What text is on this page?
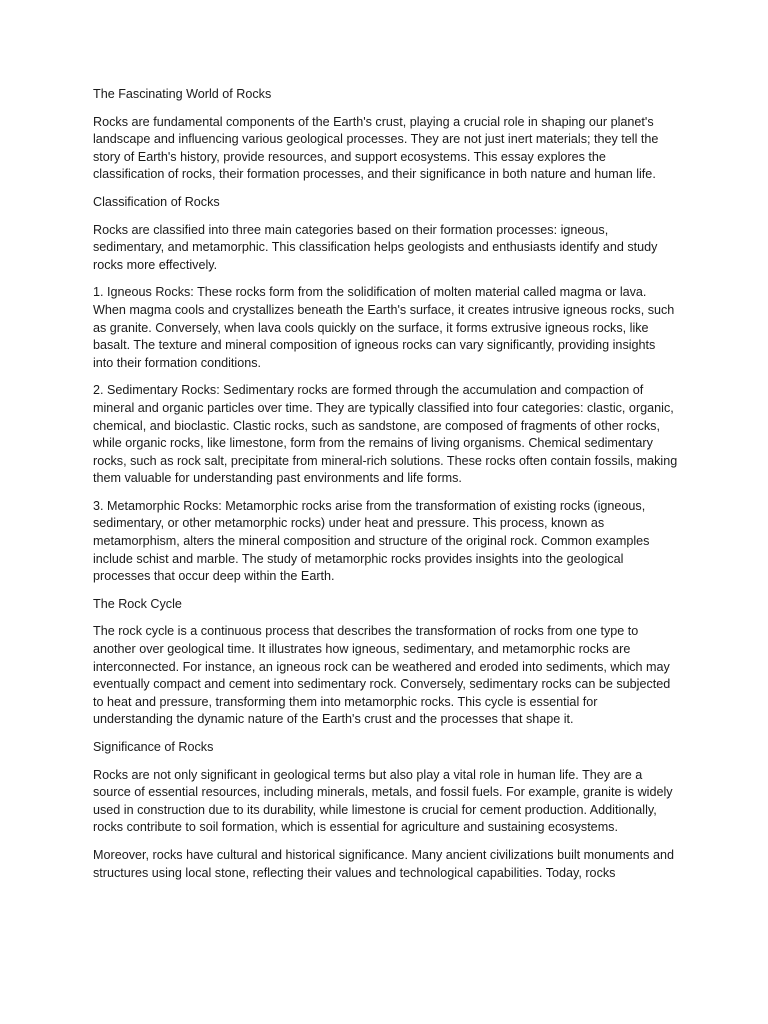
The Fascinating World of Rocks

Rocks are fundamental components of the Earth's crust, playing a crucial role in shaping our planet's landscape and influencing various geological processes. They are not just inert materials; they tell the story of Earth's history, provide resources, and support ecosystems. This essay explores the classification of rocks, their formation processes, and their significance in both nature and human life.

Classification of Rocks

Rocks are classified into three main categories based on their formation processes: igneous, sedimentary, and metamorphic. This classification helps geologists and enthusiasts identify and study rocks more effectively.

1. Igneous Rocks: These rocks form from the solidification of molten material called magma or lava. When magma cools and crystallizes beneath the Earth's surface, it creates intrusive igneous rocks, such as granite. Conversely, when lava cools quickly on the surface, it forms extrusive igneous rocks, like basalt. The texture and mineral composition of igneous rocks can vary significantly, providing insights into their formation conditions.

2. Sedimentary Rocks: Sedimentary rocks are formed through the accumulation and compaction of mineral and organic particles over time. They are typically classified into four categories: clastic, organic, chemical, and bioclastic. Clastic rocks, such as sandstone, are composed of fragments of other rocks, while organic rocks, like limestone, form from the remains of living organisms. Chemical sedimentary rocks, such as rock salt, precipitate from mineral-rich solutions. These rocks often contain fossils, making them valuable for understanding past environments and life forms.

3. Metamorphic Rocks: Metamorphic rocks arise from the transformation of existing rocks (igneous, sedimentary, or other metamorphic rocks) under heat and pressure. This process, known as metamorphism, alters the mineral composition and structure of the original rock. Common examples include schist and marble. The study of metamorphic rocks provides insights into the geological processes that occur deep within the Earth.

The Rock Cycle

The rock cycle is a continuous process that describes the transformation of rocks from one type to another over geological time. It illustrates how igneous, sedimentary, and metamorphic rocks are interconnected. For instance, an igneous rock can be weathered and eroded into sediments, which may eventually compact and cement into sedimentary rock. Conversely, sedimentary rocks can be subjected to heat and pressure, transforming them into metamorphic rocks. This cycle is essential for understanding the dynamic nature of the Earth's crust and the processes that shape it.

Significance of Rocks

Rocks are not only significant in geological terms but also play a vital role in human life. They are a source of essential resources, including minerals, metals, and fossil fuels. For example, granite is widely used in construction due to its durability, while limestone is crucial for cement production. Additionally, rocks contribute to soil formation, which is essential for agriculture and sustaining ecosystems.

Moreover, rocks have cultural and historical significance. Many ancient civilizations built monuments and structures using local stone, reflecting their values and technological capabilities. Today, rocks
